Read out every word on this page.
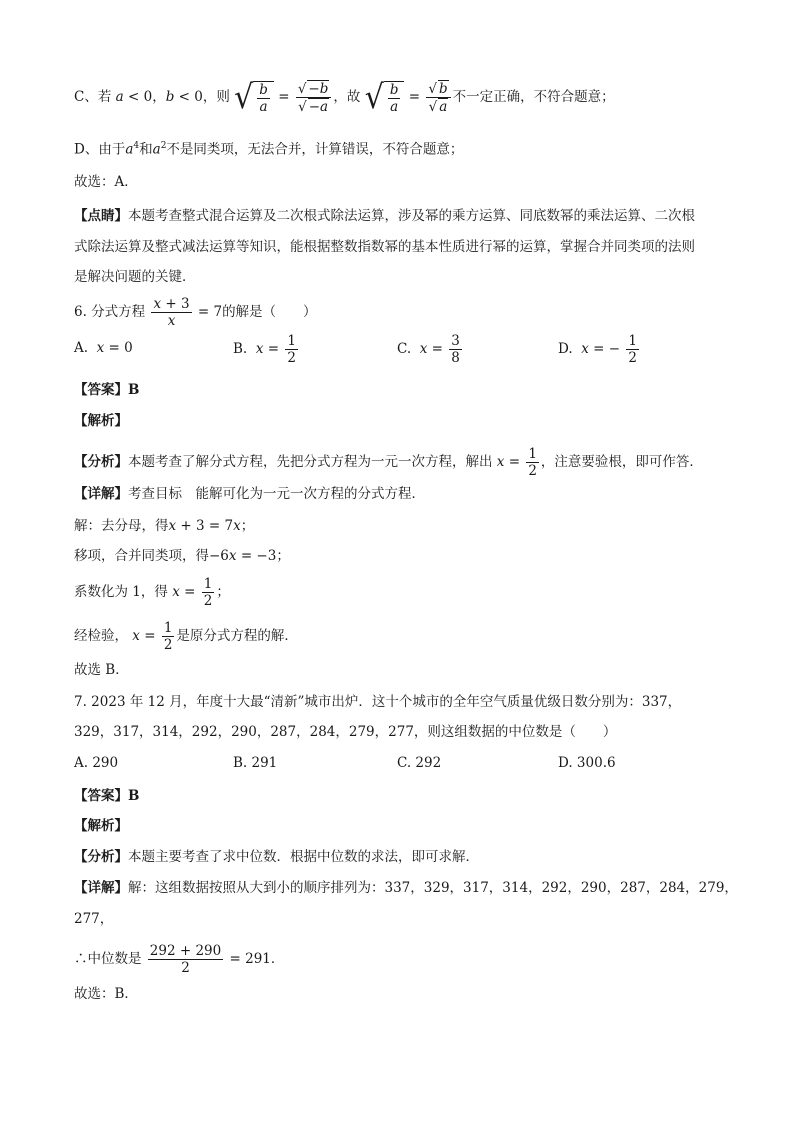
C、若 a < 0，b < 0，则 √ $\frac{b}{a} = \frac{√ -b}{√ -a}$ ，故 √ $\frac{b}{a} = \frac{√ b}{√ a}$ 不一定正确，不符合题意；
D、由于$a^4$和$a^2$不是同类项，无法合并，计算错误，不符合题意；
故选：A．
【点睛】本题考查整式混合运算及二次根式除法运算，涉及幂的乘方运算、同底数幂的乘法运算、二次根
式除法运算及整式减法运算等知识，能根据整数指数幂的基本性质进行幂的运算，掌握合并同类项的法则
是解决问题的关键．
6. 分式方程 $\frac{x + 3}{x} = 7$的解是（　　）
A. x = 0	B. $x = \frac{1}{2}$	C. $x = \frac{3}{8}$	D. x = − $\frac{1}{2}$
【答案】B
【解析】
【分析】本题考查了解分式方程，先把分式方程为一元一次方程，解出 $x = \frac{1}{2}$ ，注意要验根，即可作答．
【详解】考查目标　能解可化为一元一次方程的分式方程．
解：去分母，得x + 3 = 7x；
移项，合并同类项，得−6x = −3；
系数化为 1，得 $x = \frac{1}{2}$ ；
经检验， $x = \frac{1}{2}$ 是原分式方程的解．
故选 B．
7. 2023 年 12 月，年度十大最“清新”城市出炉．这十个城市的全年空气质量优级日数分别为：337，
329，317，314，292，290，287，284，279，277，则这组数据的中位数是（　　）
A. 290	B. 291	C. 292	D. 300.6
【答案】B
【解析】
【分析】本题主要考查了求中位数．根据中位数的求法，即可求解．
【详解】解：这组数据按照从大到小的顺序排列为：337，329，317，314，292，290，287，284，279，
277，
∴中位数是 $\frac{292 + 290}{2} = 291$．
故选：B．
